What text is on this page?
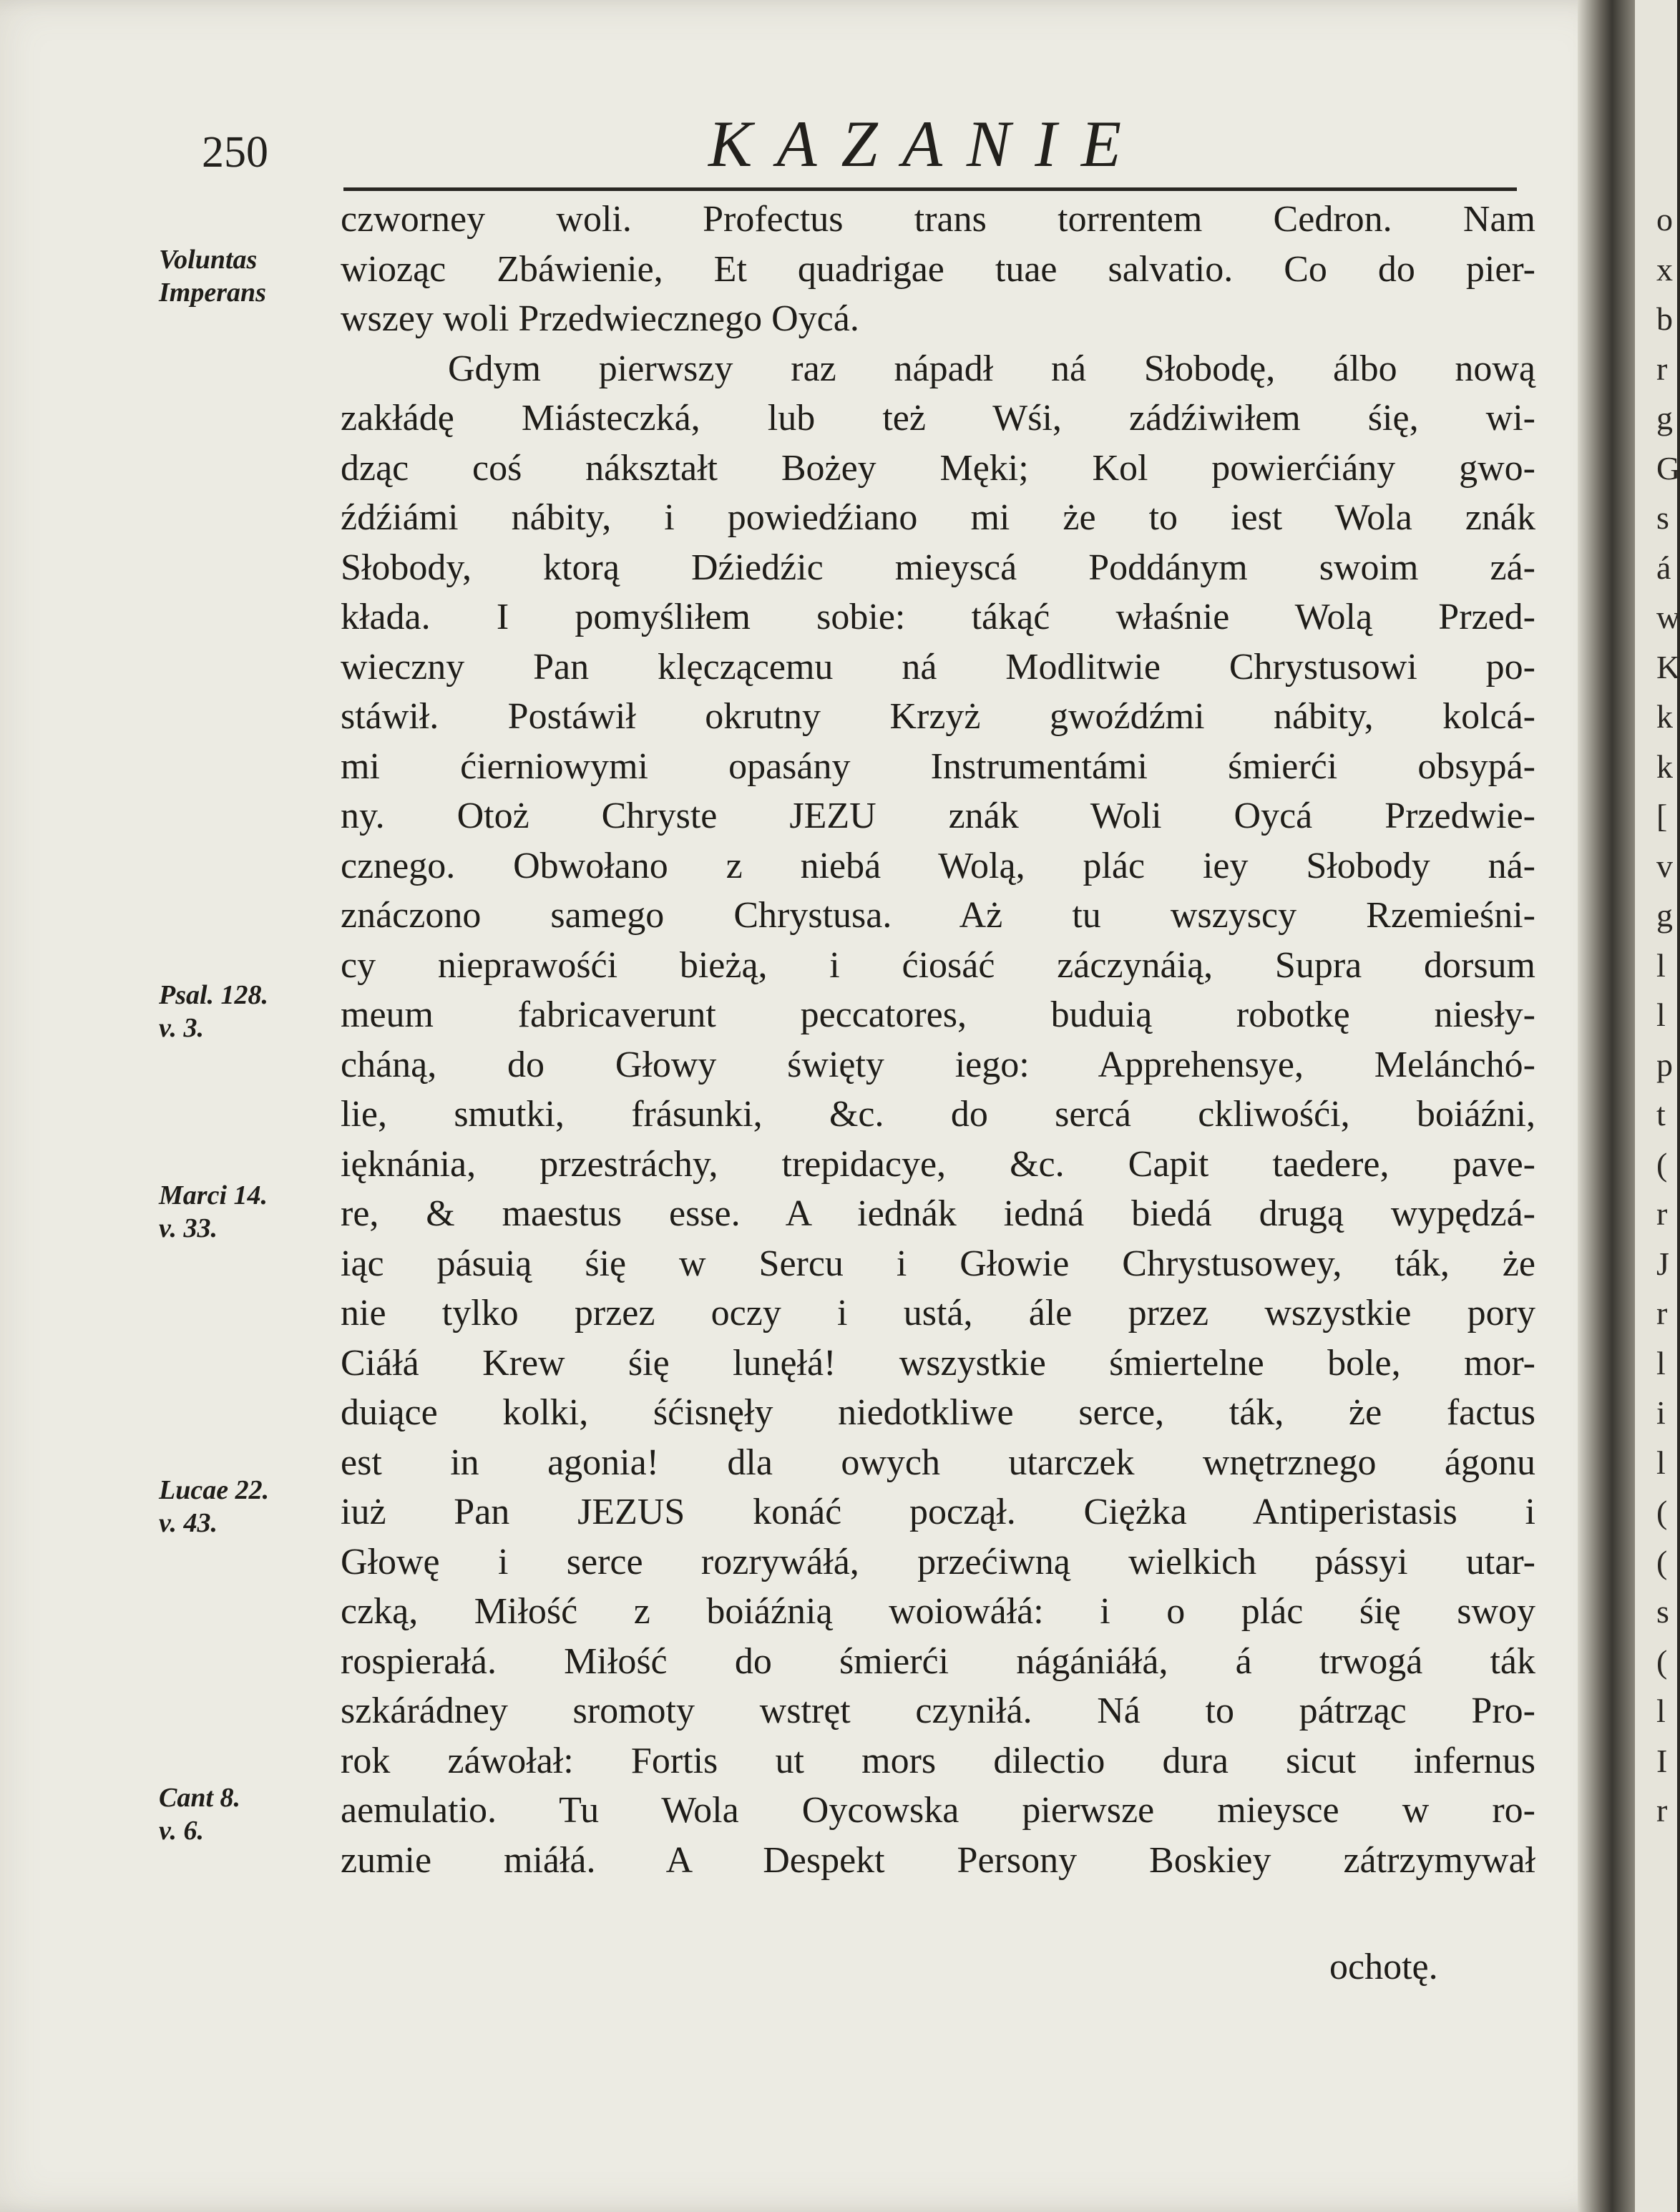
250	KAZANIE
Voluntas
Imperans
Psal. 128.
v. 3.
Marci 14.
v. 33.
Lucae 22.
v. 43.
Cant 8.
v. 6.
czworney woli. Profectus trans torrentem Cedron. Nam
wioząc Zbáwienie, Et quadrigae tuae salvatio. Co do pier-
wszey woli Przedwiecznego Oycá.
Gdym pierwszy raz nápadł ná Słobodę, álbo nową
zakłádę Miásteczká, lub też Wśi, zádźiwiłem śię, wi-
dząc coś nákształt Bożey Męki; Kol powierćiány gwo-
źdźiámi nábity, i powiedźiano mi że to iest Wola znák
Słobody, ktorą Dźiedźic mieyscá Poddánym swoim zá-
kłada. I pomyśliłem sobie: tákąć właśnie Wolą Przed-
wieczny Pan klęczącemu ná Modlitwie Chrystusowi po-
stáwił. Postáwił okrutny Krzyż gwoźdźmi nábity, kolcá-
mi ćierniowymi opasány Instrumentámi śmierći obsypá-
ny. Otoż Chryste JEZU znák Woli Oycá Przedwie-
cznego. Obwołano z niebá Wolą, plác iey Słobody ná-
znáczono samego Chrystusa. Aż tu wszyscy Rzemieśni-
cy nieprawośći bieżą, i ćiosáć záczynáią, Supra dorsum
meum fabricaverunt peccatores, buduią robotkę niesły-
cháną, do Głowy święty iego: Apprehensye, Melánchó-
lie, smutki, frásunki, &c. do sercá ckliwośći, boiáźni,
ięknánia, przestráchy, trepidacye, &c. Capit taedere, pave-
re, & maestus esse. A iednák iedná biedá drugą wypędzá-
iąc pásuią śię w Sercu i Głowie Chrystusowey, ták, że
nie tylko przez oczy i ustá, ále przez wszystkie pory
Ciáłá Krew śię lunęłá! wszystkie śmiertelne bole, mor-
duiące kolki, śćisnęły niedotkliwe serce, ták, że factus
est in agonia! dla owych utarczek wnętrznego ágonu
iuż Pan JEZUS konáć począł. Ciężka Antiperistasis i
Głowę i serce rozrywáłá, przećiwną wielkich pássyi utar-
czką, Miłość z boiáźnią woiowáłá: i o plác śię swoy
rospierałá. Miłość do śmierći nágániáłá, á trwogá ták
szkárádney sromoty wstręt czyniłá. Ná to pátrząc Pro-
rok záwołał: Fortis ut mors dilectio dura sicut infernus
aemulatio. Tu Wola Oycowska pierwsze mieysce w ro-
zumie miáłá. A Despekt Persony Boskiey zátrzymywał
ochotę.
o
x
b
r
g
G
s
á
w
K
k
k
[
v
g
l
l
p
t
(
r
J
r
l
i
l
(
(
s
(
l
I
r
